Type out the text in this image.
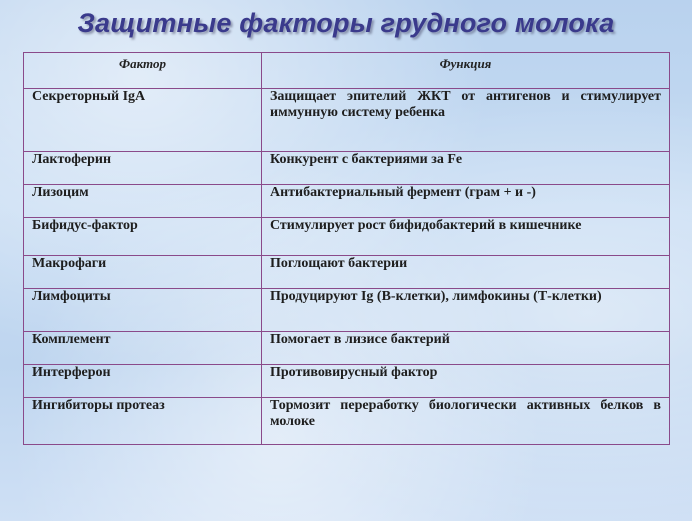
Защитные факторы грудного молока
Фактор	Функция
Секреторный IgA	Защищает эпителий ЖКТ от антигенов и стимулирует иммунную систему ребенка
Лактоферин	Конкурент с бактериями за Fe
Лизоцим	Антибактериальный фермент (грам + и -)
Бифидус-фактор	Стимулирует рост бифидобактерий в кишечнике
Макрофаги	Поглощают бактерии
Лимфоциты	Продуцируют Ig (В-клетки), лимфокины (Т-клетки)
Комплемент	Помогает в лизисе бактерий
Интерферон	Противовирусный фактор
Ингибиторы протеаз	Тормозит переработку биологически активных белков в молоке
